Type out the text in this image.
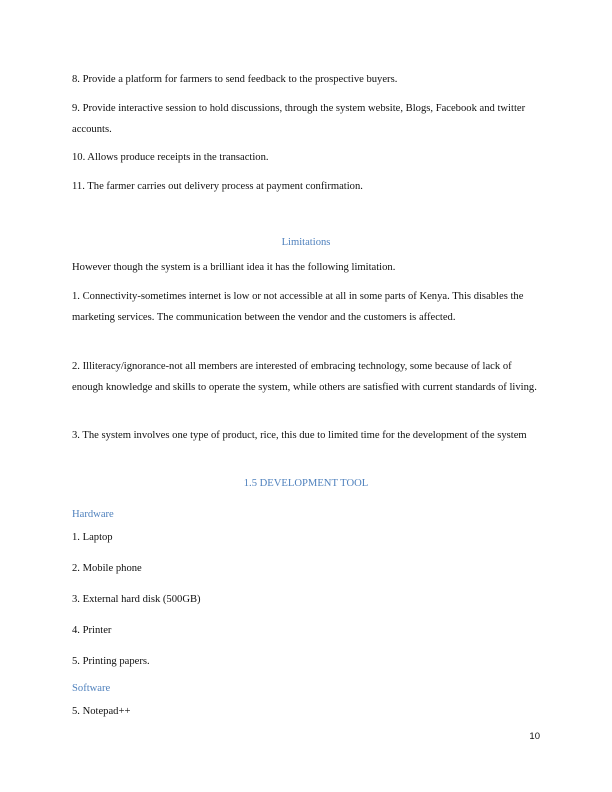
8. Provide a platform for farmers to send feedback to the prospective buyers.

9. Provide interactive session to hold discussions, through the system website, Blogs, Facebook and twitter accounts.

10. Allows produce receipts in the transaction.

11. The farmer carries out delivery process at payment confirmation.

Limitations

However though the system is a brilliant idea it has the following limitation.

1. Connectivity-sometimes internet is low or not accessible at all in some parts of Kenya. This disables the marketing services. The communication between the vendor and the customers is affected.

2. Illiteracy/ignorance-not all members are interested of embracing technology, some because of lack of enough knowledge and skills to operate the system, while others are satisfied with current standards of living.

3. The system involves one type of product, rice, this due to limited time for the development of the system

1.5 DEVELOPMENT TOOL

Hardware

1. Laptop

2. Mobile phone

3. External hard disk (500GB)

4. Printer

5. Printing papers.

Software

5. Notepad++

10
